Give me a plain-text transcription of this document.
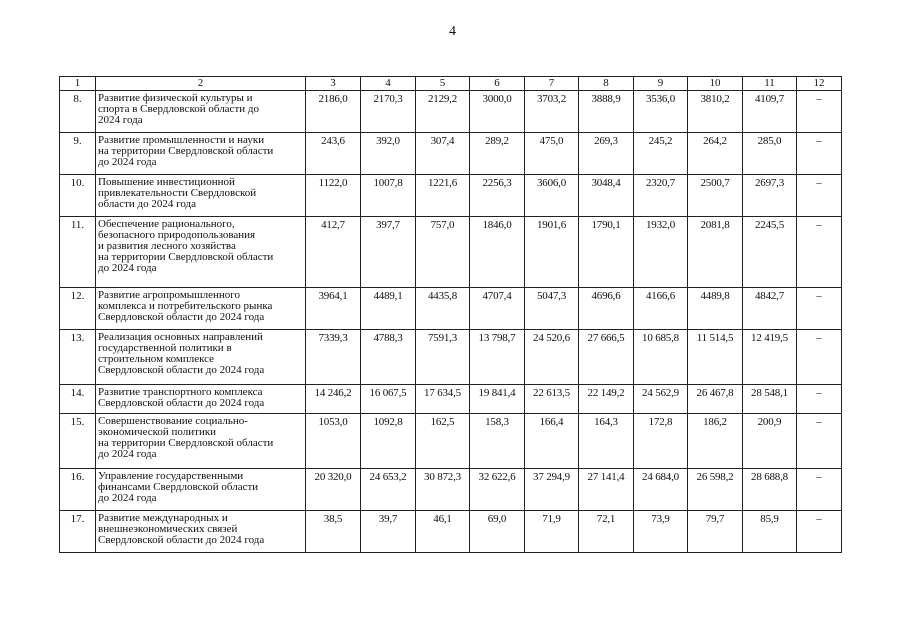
4
1	2	3	4	5	6	7	8	9	10	11	12
8.	Развитие физической культуры и
спорта в Свердловской области до
2024 года	2186,0	2170,3	2129,2	3000,0	3703,2	3888,9	3536,0	3810,2	4109,7	–
9.	Развитие промышленности и науки
на территории Свердловской области
до 2024 года	243,6	392,0	307,4	289,2	475,0	269,3	245,2	264,2	285,0	–
10.	Повышение инвестиционной
привлекательности Свердловской
области до 2024 года	1122,0	1007,8	1221,6	2256,3	3606,0	3048,4	2320,7	2500,7	2697,3	–
11.	Обеспечение рационального,
безопасного природопользования
и развития лесного хозяйства
на территории Свердловской области
до 2024 года	412,7	397,7	757,0	1846,0	1901,6	1790,1	1932,0	2081,8	2245,5	–
12.	Развитие агропромышленного
комплекса и потребительского рынка
Свердловской области до 2024 года	3964,1	4489,1	4435,8	4707,4	5047,3	4696,6	4166,6	4489,8	4842,7	–
13.	Реализация основных направлений
государственной политики в
строительном комплексе
Свердловской области до 2024 года	7339,3	4788,3	7591,3	13 798,7	24 520,6	27 666,5	10 685,8	11 514,5	12 419,5	–
14.	Развитие транспортного комплекса
Свердловской области до 2024 года	14 246,2	16 067,5	17 634,5	19 841,4	22 613,5	22 149,2	24 562,9	26 467,8	28 548,1	–
15.	Совершенствование социально-
экономической политики
на территории Свердловской области
до 2024 года	1053,0	1092,8	162,5	158,3	166,4	164,3	172,8	186,2	200,9	–
16.	Управление государственными
финансами Свердловской области
до 2024 года	20 320,0	24 653,2	30 872,3	32 622,6	37 294,9	27 141,4	24 684,0	26 598,2	28 688,8	–
17.	Развитие международных и
внешнеэкономических связей
Свердловской области до 2024 года	38,5	39,7	46,1	69,0	71,9	72,1	73,9	79,7	85,9	–
